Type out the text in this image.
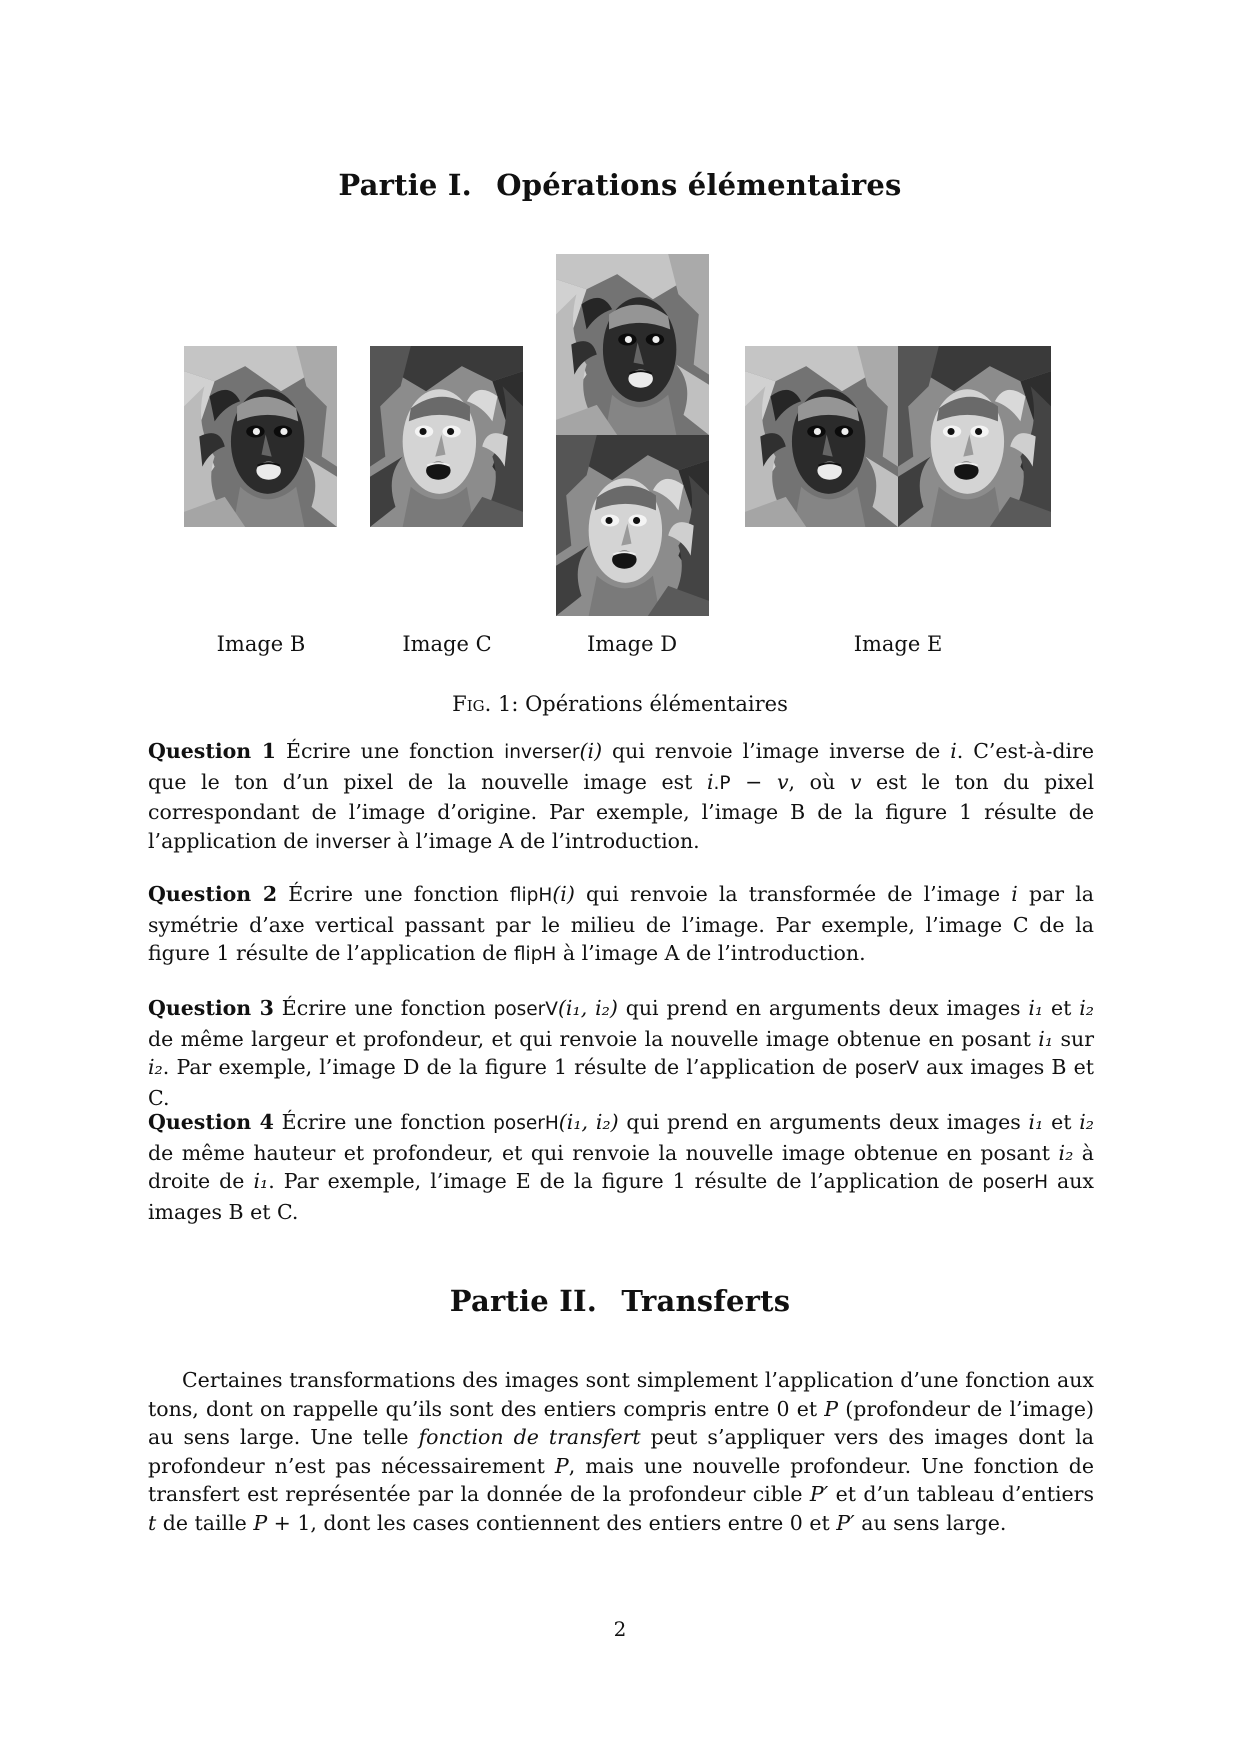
Partie I. Opérations élémentaires
Image B	Image C	Image D	Image E
Fig. 1: Opérations élémentaires
Question 1 Écrire une fonction inverser(i) qui renvoie l’image inverse de i. C’est-à-dire que le ton d’un pixel de la nouvelle image est i.P − v, où v est le ton du pixel correspondant de l’image d’origine. Par exemple, l’image B de la figure 1 résulte de l’application de inverser à l’image A de l’introduction.
Question 2 Écrire une fonction flipH(i) qui renvoie la transformée de l’image i par la symétrie d’axe vertical passant par le milieu de l’image. Par exemple, l’image C de la figure 1 résulte de l’application de flipH à l’image A de l’introduction.
Question 3 Écrire une fonction poserV(i₁, i₂) qui prend en arguments deux images i₁ et i₂ de même largeur et profondeur, et qui renvoie la nouvelle image obtenue en posant i₁ sur i₂. Par exemple, l’image D de la figure 1 résulte de l’application de poserV aux images B et C.
Question 4 Écrire une fonction poserH(i₁, i₂) qui prend en arguments deux images i₁ et i₂ de même hauteur et profondeur, et qui renvoie la nouvelle image obtenue en posant i₂ à droite de i₁. Par exemple, l’image E de la figure 1 résulte de l’application de poserH aux images B et C.
Partie II. Transferts
Certaines transformations des images sont simplement l’application d’une fonction aux tons, dont on rappelle qu’ils sont des entiers compris entre 0 et P (profondeur de l’image) au sens large. Une telle fonction de transfert peut s’appliquer vers des images dont la profondeur n’est pas nécessairement P, mais une nouvelle profondeur. Une fonction de transfert est représentée par la donnée de la profondeur cible P′ et d’un tableau d’entiers t de taille P + 1, dont les cases contiennent des entiers entre 0 et P′ au sens large.
2
